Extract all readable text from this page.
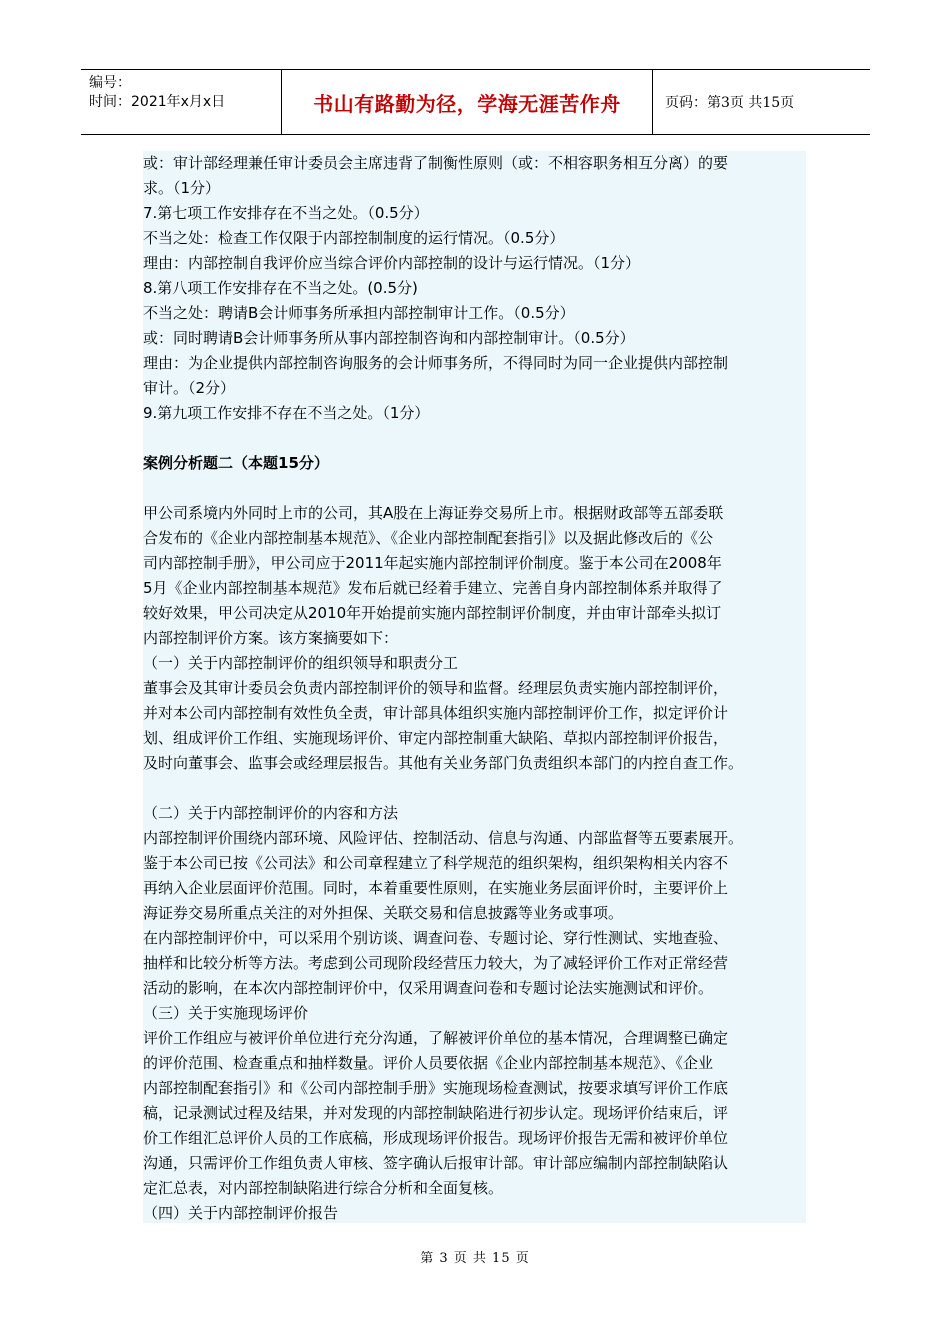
编号：
时间：2021年x月x日	书山有路勤为径，学海无涯苦作舟	页码：第3页 共15页

或：审计部经理兼任审计委员会主席违背了制衡性原则（或：不相容职务相互分离）的要

求。（1分）

7.第七项工作安排存在不当之处。（0.5分）

不当之处：检查工作仅限于内部控制制度的运行情况。（0.5分）

理由：内部控制自我评价应当综合评价内部控制的设计与运行情况。（1分）

8.第八项工作安排存在不当之处。(0.5分)

不当之处：聘请B会计师事务所承担内部控制审计工作。（0.5分）

或：同时聘请B会计师事务所从事内部控制咨询和内部控制审计。（0.5分）

理由：为企业提供内部控制咨询服务的会计师事务所，不得同时为同一企业提供内部控制

审计。（2分）

9.第九项工作安排不存在不当之处。（1分）

案例分析题二（本题15分）

甲公司系境内外同时上市的公司，其A股在上海证券交易所上市。根据财政部等五部委联

合发布的《企业内部控制基本规范》、《企业内部控制配套指引》以及据此修改后的《公

司内部控制手册》，甲公司应于2011年起实施内部控制评价制度。鉴于本公司在2008年

5月《企业内部控制基本规范》发布后就已经着手建立、完善自身内部控制体系并取得了

较好效果，甲公司决定从2010年开始提前实施内部控制评价制度，并由审计部牵头拟订

内部控制评价方案。该方案摘要如下：

（一）关于内部控制评价的组织领导和职责分工

董事会及其审计委员会负责内部控制评价的领导和监督。经理层负责实施内部控制评价，

并对本公司内部控制有效性负全责，审计部具体组织实施内部控制评价工作，拟定评价计

划、组成评价工作组、实施现场评价、审定内部控制重大缺陷、草拟内部控制评价报告，

及时向董事会、监事会或经理层报告。其他有关业务部门负责组织本部门的内控自查工作。

（二）关于内部控制评价的内容和方法

内部控制评价围绕内部环境、风险评估、控制活动、信息与沟通、内部监督等五要素展开。

鉴于本公司已按《公司法》和公司章程建立了科学规范的组织架构，组织架构相关内容不

再纳入企业层面评价范围。同时，本着重要性原则，在实施业务层面评价时，主要评价上

海证券交易所重点关注的对外担保、关联交易和信息披露等业务或事项。

在内部控制评价中，可以采用个别访谈、调查问卷、专题讨论、穿行性测试、实地查验、

抽样和比较分析等方法。考虑到公司现阶段经营压力较大，为了减轻评价工作对正常经营

活动的影响，在本次内部控制评价中，仅采用调查问卷和专题讨论法实施测试和评价。

（三）关于实施现场评价

评价工作组应与被评价单位进行充分沟通，了解被评价单位的基本情况，合理调整已确定

的评价范围、检查重点和抽样数量。评价人员要依据《企业内部控制基本规范》、《企业

内部控制配套指引》和《公司内部控制手册》实施现场检查测试，按要求填写评价工作底

稿，记录测试过程及结果，并对发现的内部控制缺陷进行初步认定。现场评价结束后，评

价工作组汇总评价人员的工作底稿，形成现场评价报告。现场评价报告无需和被评价单位

沟通，只需评价工作组负责人审核、签字确认后报审计部。审计部应编制内部控制缺陷认

定汇总表，对内部控制缺陷进行综合分析和全面复核。

（四）关于内部控制评价报告

第 3 页 共 15 页
